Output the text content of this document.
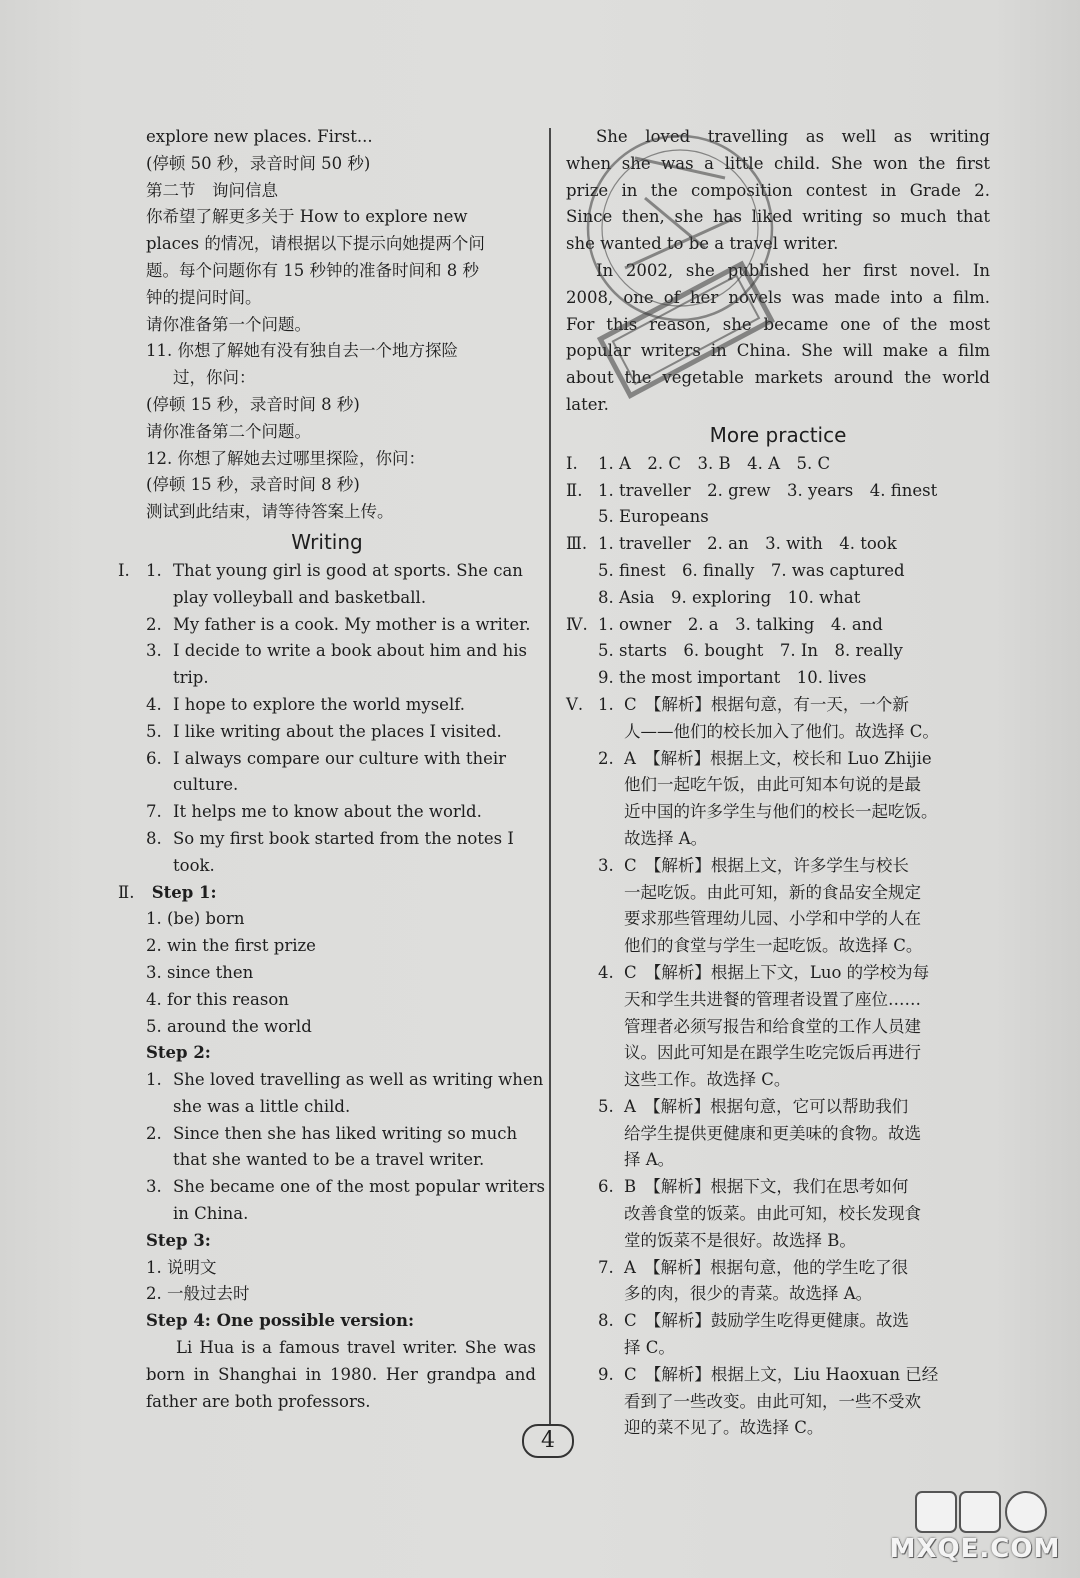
explore new places. First...
(停顿 50 秒，录音时间 50 秒)
第二节　询问信息
你希望了解更多关于 How to explore new
places 的情况，请根据以下提示向她提两个问
题。每个问题你有 15 秒钟的准备时间和 8 秒
钟的提问时间。
请你准备第一个问题。
11. 你想了解她有没有独自去一个地方探险
过，你问：
(停顿 15 秒，录音时间 8 秒)
请你准备第二个问题。
12. 你想了解她去过哪里探险，你问：
(停顿 15 秒，录音时间 8 秒)
测试到此结束，请等待答案上传。
Writing
Ⅰ. 1. That young girl is good at sports. She can
play volleyball and basketball.
2. My father is a cook. My mother is a writer.
3. I decide to write a book about him and his
trip.
4. I hope to explore the world myself.
5. I like writing about the places I visited.
6. I always compare our culture with their
culture.
7. It helps me to know about the world.
8. So my first book started from the notes I
took.
Ⅱ. Step 1:
1. (be) born
2. win the first prize
3. since then
4. for this reason
5. around the world
Step 2:
1. She loved travelling as well as writing when
she was a little child.
2. Since then she has liked writing so much
that she wanted to be a travel writer.
3. She became one of the most popular writers
in China.
Step 3:
1. 说明文
2. 一般过去时
Step 4: One possible version:
Li Hua is a famous travel writer. She was
born in Shanghai in 1980. Her grandpa and
father are both professors.
She loved travelling as well as writing
when she was a little child. She won the first
prize in the composition contest in Grade 2.
Since then, she has liked writing so much that
she wanted to be a travel writer.
In 2002, she published her first novel. In
2008, one of her novels was made into a film.
For this reason, she became one of the most
popular writers in China. She will make a film
about the vegetable markets around the world
later.
More practice
Ⅰ. 1. A　2. C　3. B　4. A　5. C
Ⅱ. 1. traveller　2. grew　3. years　4. finest
5. Europeans
Ⅲ. 1. traveller　2. an　3. with　4. took
5. finest　6. finally　7. was captured
8. Asia　9. exploring　10. what
Ⅳ. 1. owner　2. a　3. talking　4. and
5. starts　6. bought　7. In　8. really
9. the most important　10. lives
Ⅴ. 1. C　【解析】根据句意，有一天，一个新
人——他们的校长加入了他们。故选择 C。
2. A　【解析】根据上文，校长和 Luo Zhijie
他们一起吃午饭，由此可知本句说的是最
近中国的许多学生与他们的校长一起吃饭。
故选择 A。
3. C　【解析】根据上文，许多学生与校长
一起吃饭。由此可知，新的食品安全规定
要求那些管理幼儿园、小学和中学的人在
他们的食堂与学生一起吃饭。故选择 C。
4. C　【解析】根据上下文，Luo 的学校为每
天和学生共进餐的管理者设置了座位……
管理者必须写报告和给食堂的工作人员建
议。因此可知是在跟学生吃完饭后再进行
这些工作。故选择 C。
5. A　【解析】根据句意，它可以帮助我们
给学生提供更健康和更美味的食物。故选
择 A。
6. B　【解析】根据下文，我们在思考如何
改善食堂的饭菜。由此可知，校长发现食
堂的饭菜不是很好。故选择 B。
7. A　【解析】根据句意，他的学生吃了很
多的肉，很少的青菜。故选择 A。
8. C　【解析】鼓励学生吃得更健康。故选
择 C。
9. C　【解析】根据上文，Liu Haoxuan 已经
看到了一些改变。由此可知，一些不受欢
迎的菜不见了。故选择 C。
MXQE.COM
4
